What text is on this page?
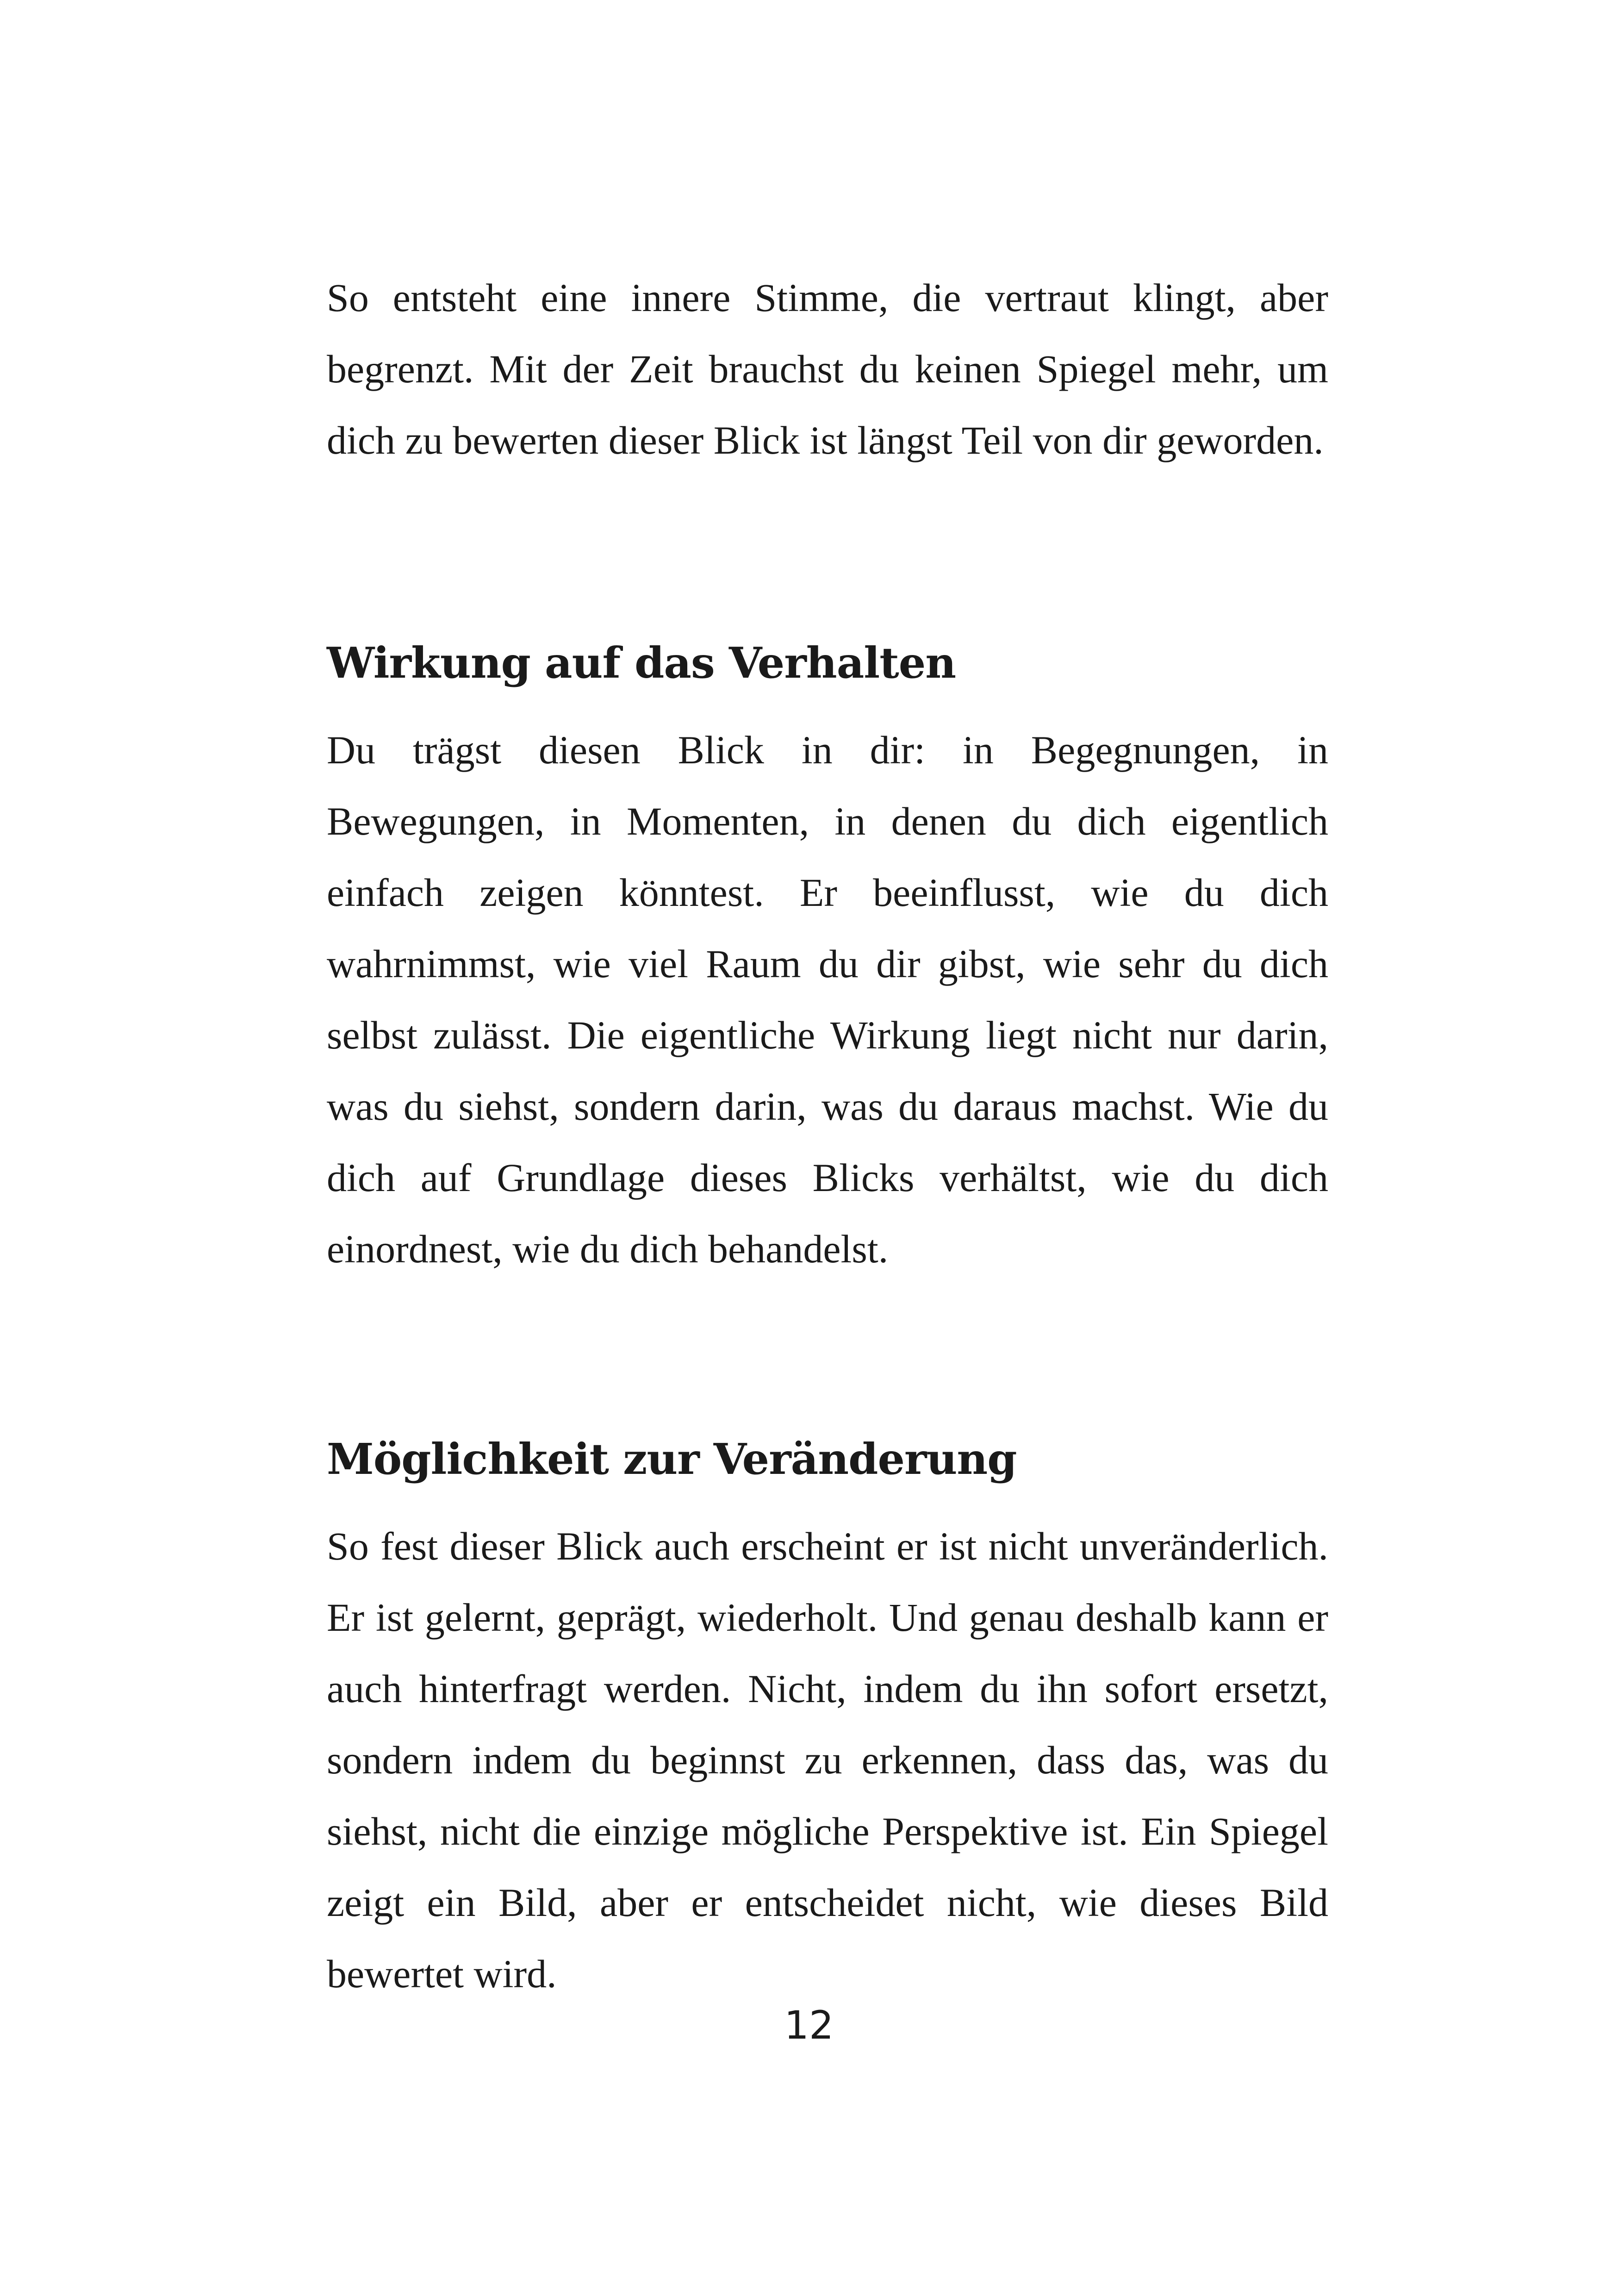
So entsteht eine innere Stimme, die vertraut klingt, aber begrenzt. Mit der Zeit brauchst du keinen Spiegel mehr, um dich zu bewerten dieser Blick ist längst Teil von dir geworden.

Wirkung auf das Verhalten

Du trägst diesen Blick in dir: in Begegnungen, in Bewegungen, in Momenten, in denen du dich eigentlich einfach zeigen könntest. Er beeinflusst, wie du dich wahrnimmst, wie viel Raum du dir gibst, wie sehr du dich selbst zulässt. Die eigentliche Wirkung liegt nicht nur darin, was du siehst, sondern darin, was du daraus machst. Wie du dich auf Grundlage dieses Blicks verhältst, wie du dich einordnest, wie du dich behandelst.

Möglichkeit zur Veränderung

So fest dieser Blick auch erscheint er ist nicht unveränderlich. Er ist gelernt, geprägt, wiederholt. Und genau deshalb kann er auch hinterfragt werden. Nicht, indem du ihn sofort ersetzt, sondern indem du beginnst zu erkennen, dass das, was du siehst, nicht die einzige mögliche Perspektive ist. Ein Spiegel zeigt ein Bild, aber er entscheidet nicht, wie dieses Bild bewertet wird.

12
